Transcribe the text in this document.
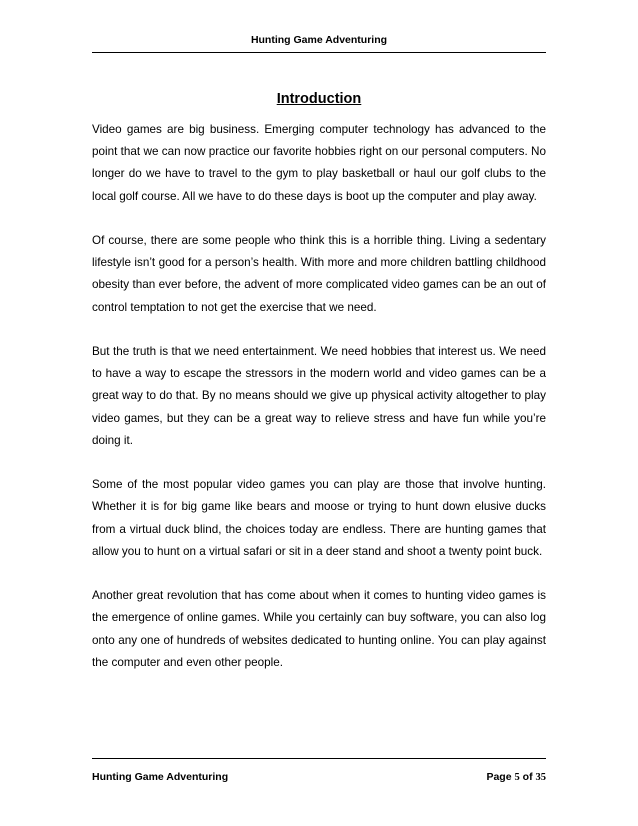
Hunting Game Adventuring
Introduction

Video games are big business. Emerging computer technology has advanced to the point that we can now practice our favorite hobbies right on our personal computers. No longer do we have to travel to the gym to play basketball or haul our golf clubs to the local golf course. All we have to do these days is boot up the computer and play away.

Of course, there are some people who think this is a horrible thing. Living a sedentary lifestyle isn’t good for a person’s health. With more and more children battling childhood obesity than ever before, the advent of more complicated video games can be an out of control temptation to not get the exercise that we need.

But the truth is that we need entertainment. We need hobbies that interest us. We need to have a way to escape the stressors in the modern world and video games can be a great way to do that. By no means should we give up physical activity altogether to play video games, but they can be a great way to relieve stress and have fun while you’re doing it.

Some of the most popular video games you can play are those that involve hunting. Whether it is for big game like bears and moose or trying to hunt down elusive ducks from a virtual duck blind, the choices today are endless. There are hunting games that allow you to hunt on a virtual safari or sit in a deer stand and shoot a twenty point buck.

Another great revolution that has come about when it comes to hunting video games is the emergence of online games. While you certainly can buy software, you can also log onto any one of hundreds of websites dedicated to hunting online. You can play against the computer and even other people.

Hunting Game Adventuring	Page 5 of 35
